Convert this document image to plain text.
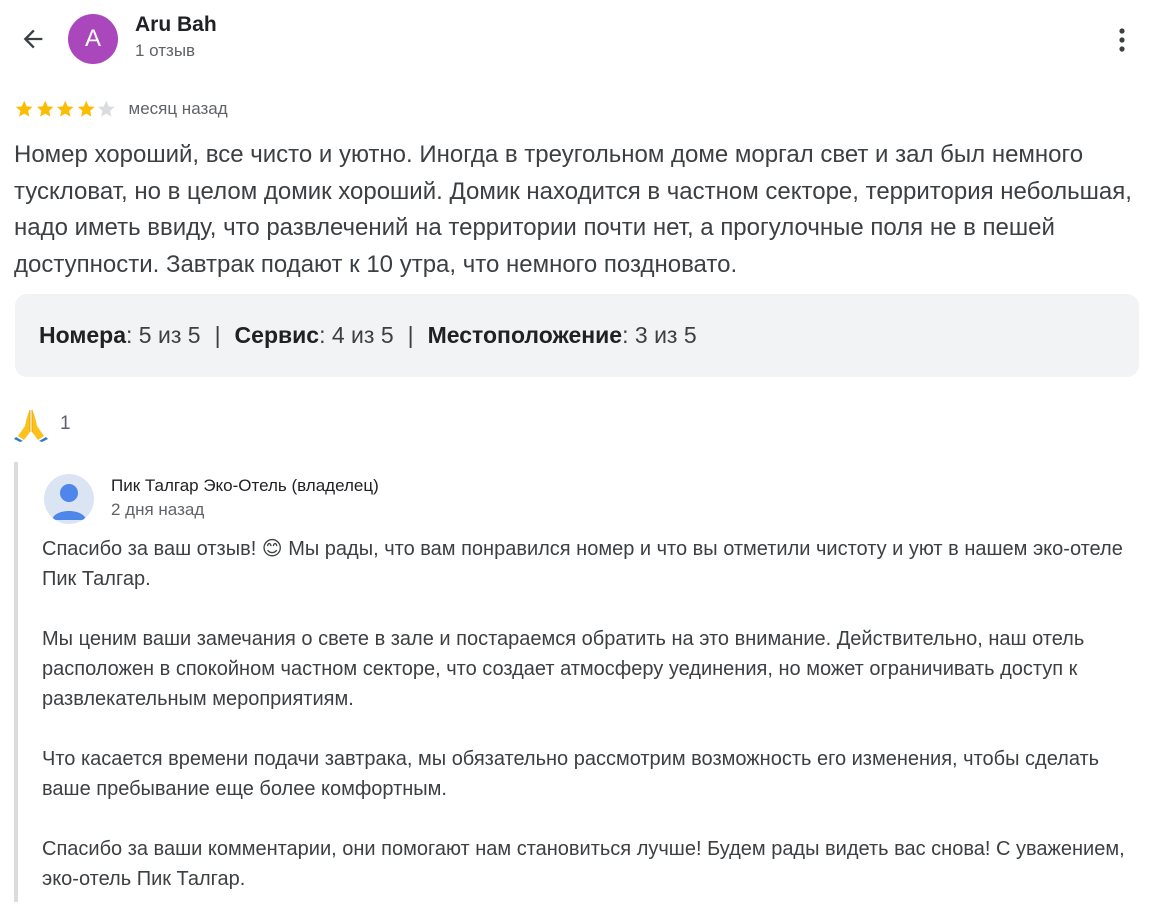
A
Aru Bah
1 отзыв
месяц назад
Номер хороший, все чисто и уютно. Иногда в треугольном доме моргал свет и зал был немного тускловат, но в целом домик хороший. Домик находится в частном секторе, территория небольшая, надо иметь ввиду, что развлечений на территории почти нет, а прогулочные поля не в пешей доступности. Завтрак подают к 10 утра, что немного поздновато.
Номера: 5 из 5 | Сервис: 4 из 5 | Местоположение: 3 из 5
1
Пик Талгар Эко-Отель (владелец)
2 дня назад

Спасибо за ваш отзыв! 😊 Мы рады, что вам понравился номер и что вы отметили чистоту и уют в нашем эко-отеле Пик Талгар.

Мы ценим ваши замечания о свете в зале и постараемся обратить на это внимание. Действительно, наш отель расположен в спокойном частном секторе, что создает атмосферу уединения, но может ограничивать доступ к развлекательным мероприятиям.

Что касается времени подачи завтрака, мы обязательно рассмотрим возможность его изменения, чтобы сделать ваше пребывание еще более комфортным.

Спасибо за ваши комментарии, они помогают нам становиться лучше! Будем рады видеть вас снова! С уважением, эко-отель Пик Талгар.
